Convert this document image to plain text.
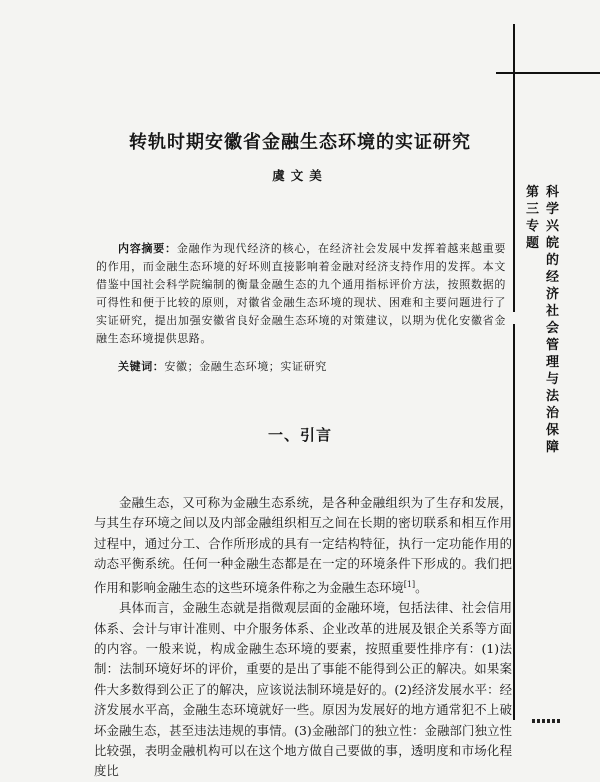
第三专题
科学兴皖的经济社会管理与法治保障
转轨时期安徽省金融生态环境的实证研究
虞文美
内容摘要：金融作为现代经济的核心，在经济社会发展中发挥着越来越重要的作用，而金融生态环境的好坏则直接影响着金融对经济支持作用的发挥。本文借鉴中国社会科学院编制的衡量金融生态的九个通用指标评价方法，按照数据的可得性和便于比较的原则，对徽省金融生态环境的现状、困难和主要问题进行了实证研究，提出加强安徽省良好金融生态环境的对策建议，以期为优化安徽省金融生态环境提供思路。
关键词：安徽；金融生态环境；实证研究
一、引言

金融生态，又可称为金融生态系统，是各种金融组织为了生存和发展，与其生存环境之间以及内部金融组织相互之间在长期的密切联系和相互作用过程中，通过分工、合作所形成的具有一定结构特征，执行一定功能作用的动态平衡系统。任何一种金融生态都是在一定的环境条件下形成的。我们把作用和影响金融生态的这些环境条件称之为金融生态环境[1]。

具体而言，金融生态就是指微观层面的金融环境，包括法律、社会信用体系、会计与审计准则、中介服务体系、企业改革的进展及银企关系等方面的内容。一般来说，构成金融生态环境的要素，按照重要性排序有：(1)法制：法制环境好坏的评价，重要的是出了事能不能得到公正的解决。如果案件大多数得到公正了的解决，应该说法制环境是好的。(2)经济发展水平：经济发展水平高，金融生态环境就好一些。原因为发展好的地方通常犯不上破坏金融生态，甚至违法违规的事情。(3)金融部门的独立性：金融部门独立性比较强，表明金融机构可以在这个地方做自己要做的事，透明度和市场化程度比
